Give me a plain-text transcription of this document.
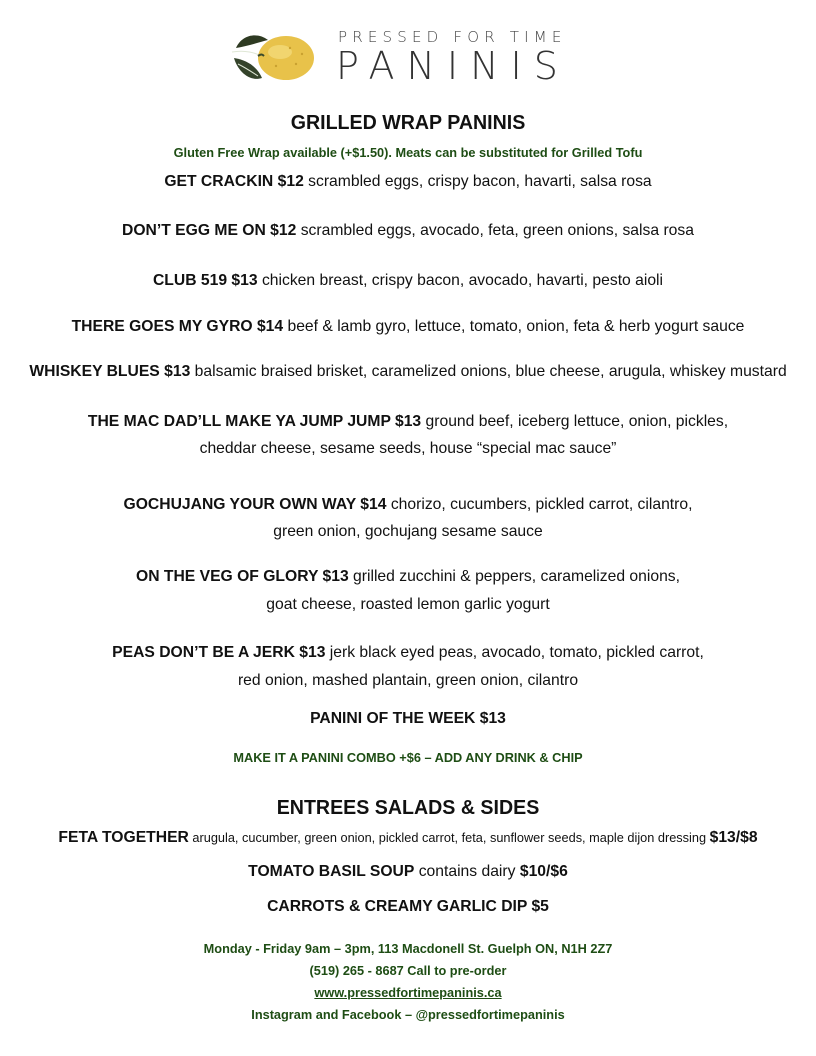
PRESSED FOR TIME
PANINIS
GRILLED WRAP PANINIS
Gluten Free Wrap available (+$1.50). Meats can be substituted for Grilled Tofu
GET CRACKIN $12 scrambled eggs, crispy bacon, havarti, salsa rosa
DON’T EGG ME ON $12 scrambled eggs, avocado, feta, green onions, salsa rosa
CLUB 519 $13 chicken breast, crispy bacon, avocado, havarti, pesto aioli
THERE GOES MY GYRO $14 beef & lamb gyro, lettuce, tomato, onion, feta & herb yogurt sauce
WHISKEY BLUES $13 balsamic braised brisket, caramelized onions, blue cheese, arugula, whiskey mustard
THE MAC DAD’LL MAKE YA JUMP JUMP $13 ground beef, iceberg lettuce, onion, pickles,
cheddar cheese, sesame seeds, house “special mac sauce”
GOCHUJANG YOUR OWN WAY $14 chorizo, cucumbers, pickled carrot, cilantro,
green onion, gochujang sesame sauce
ON THE VEG OF GLORY $13 grilled zucchini & peppers, caramelized onions,
goat cheese, roasted lemon garlic yogurt
PEAS DON’T BE A JERK $13 jerk black eyed peas, avocado, tomato, pickled carrot,
red onion, mashed plantain, green onion, cilantro
PANINI OF THE WEEK $13
MAKE IT A PANINI COMBO +$6 – ADD ANY DRINK & CHIP
ENTREES SALADS & SIDES
FETA TOGETHER arugula, cucumber, green onion, pickled carrot, feta, sunflower seeds, maple dijon dressing $13/$8
TOMATO BASIL SOUP contains dairy $10/$6
CARROTS & CREAMY GARLIC DIP $5
Monday - Friday 9am – 3pm, 113 Macdonell St. Guelph ON, N1H 2Z7
(519) 265 - 8687 Call to pre-order
www.pressedfortimepaninis.ca
Instagram and Facebook – @pressedfortimepaninis
